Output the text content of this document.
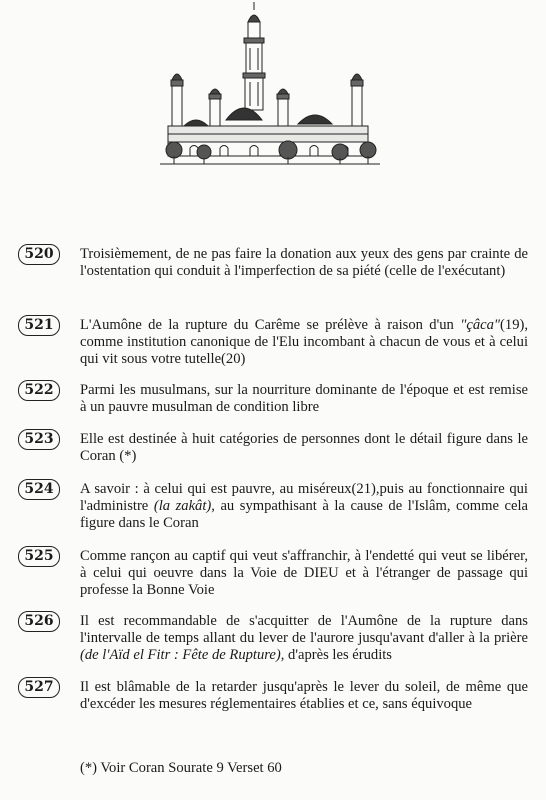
520	Troisièmement, de ne pas faire la donation aux yeux des gens par crainte de l'ostentation qui conduit à l'imperfection de sa piété (celle de l'exécutant)
521	L'Aumône de la rupture du Carême se prélève à raison d'un "çâcа"(19), comme institution canonique de l'Elu incombant à chacun de vous et à celui qui vit sous votre tutelle(20)
522	Parmi les musulmans, sur la nourriture dominante de l'époque et est remise à un pauvre musulman de condition libre
523	Elle est destinée à huit catégories de personnes dont le détail figure dans le Coran (*)
524	A savoir : à celui qui est pauvre, au miséreux(21),puis au fonctionnaire qui l'administre (la zakât), au sympathisant à la cause de l'Islâm, comme cela figure dans le Coran
525	Comme rançon au captif qui veut s'affranchir, à l'endetté qui veut se libérer, à celui qui oeuvre dans la Voie de DIEU et à l'étranger de passage qui professe la Bonne Voie
526	Il est recommandable de s'acquitter de l'Aumône de la rupture dans l'intervalle de temps allant du lever de l'aurore jusqu'avant d'aller à la prière (de l'Aïd el Fitr : Fête de Rupture), d'après les érudits
527	Il est blâmable de la retarder jusqu'après le lever du soleil, de même que d'excéder les mesures réglementaires établies et ce, sans équivoque
(*) Voir Coran Sourate 9 Verset 60
